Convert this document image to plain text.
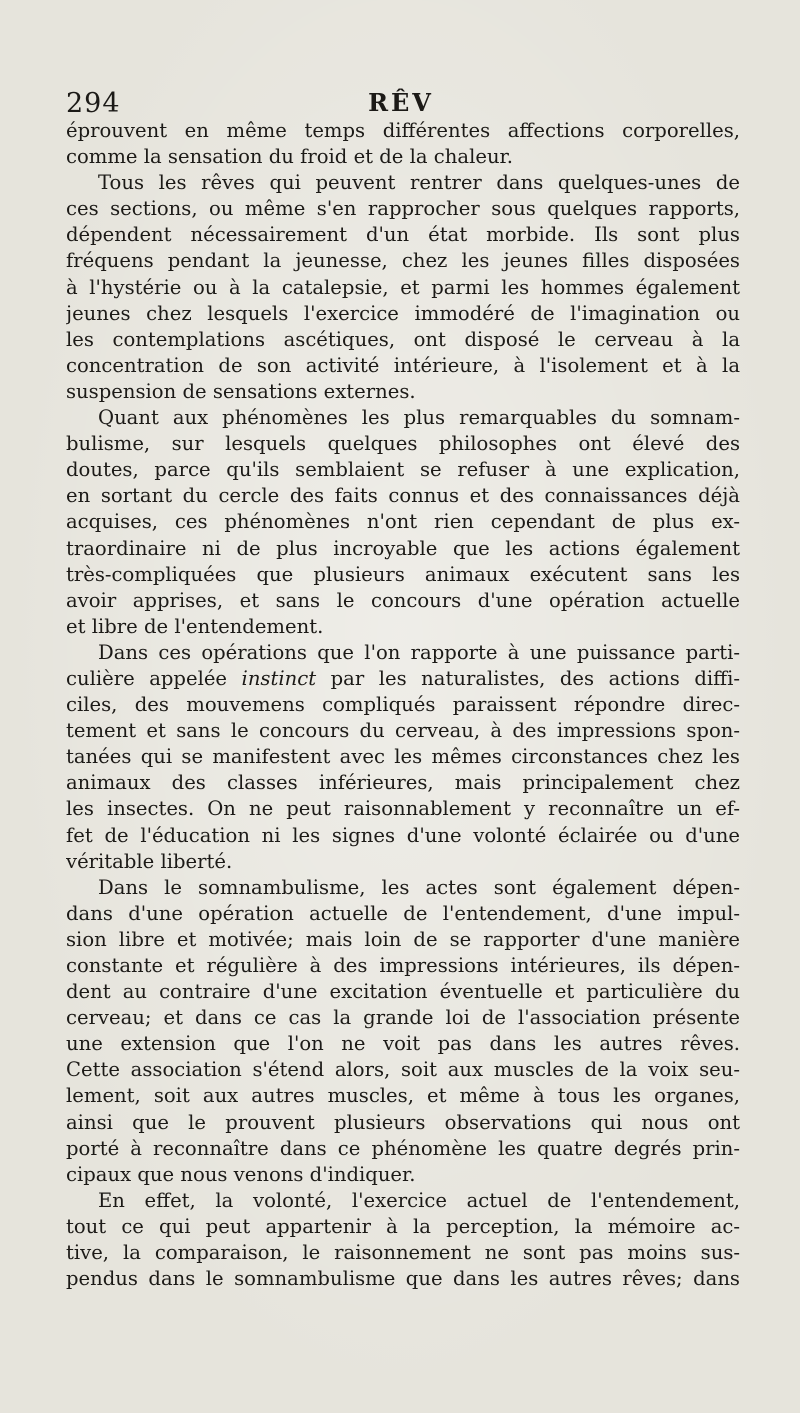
294	RÊV
éprouvent en même temps différentes affections corporelles,
comme la sensation du froid et de la chaleur.
Tous les rêves qui peuvent rentrer dans quelques-unes de
ces sections, ou même s'en rapprocher sous quelques rapports,
dépendent nécessairement d'un état morbide. Ils sont plus
fréquens pendant la jeunesse, chez les jeunes filles disposées
à l'hystérie ou à la catalepsie, et parmi les hommes également
jeunes chez lesquels l'exercice immodéré de l'imagination ou
les contemplations ascétiques, ont disposé le cerveau à la
concentration de son activité intérieure, à l'isolement et à la
suspension de sensations externes.
Quant aux phénomènes les plus remarquables du somnam-
bulisme, sur lesquels quelques philosophes ont élevé des
doutes, parce qu'ils semblaient se refuser à une explication,
en sortant du cercle des faits connus et des connaissances déjà
acquises, ces phénomènes n'ont rien cependant de plus ex-
traordinaire ni de plus incroyable que les actions également
très-compliquées que plusieurs animaux exécutent sans les
avoir apprises, et sans le concours d'une opération actuelle
et libre de l'entendement.
Dans ces opérations que l'on rapporte à une puissance parti-
culière appelée instinct par les naturalistes, des actions diffi-
ciles, des mouvemens compliqués paraissent répondre direc-
tement et sans le concours du cerveau, à des impressions spon-
tanées qui se manifestent avec les mêmes circonstances chez les
animaux des classes inférieures, mais principalement chez
les insectes. On ne peut raisonnablement y reconnaître un ef-
fet de l'éducation ni les signes d'une volonté éclairée ou d'une
véritable liberté.
Dans le somnambulisme, les actes sont également dépen-
dans d'une opération actuelle de l'entendement, d'une impul-
sion libre et motivée; mais loin de se rapporter d'une manière
constante et régulière à des impressions intérieures, ils dépen-
dent au contraire d'une excitation éventuelle et particulière du
cerveau; et dans ce cas la grande loi de l'association présente
une extension que l'on ne voit pas dans les autres rêves.
Cette association s'étend alors, soit aux muscles de la voix seu-
lement, soit aux autres muscles, et même à tous les organes,
ainsi que le prouvent plusieurs observations qui nous ont
porté à reconnaître dans ce phénomène les quatre degrés prin-
cipaux que nous venons d'indiquer.
En effet, la volonté, l'exercice actuel de l'entendement,
tout ce qui peut appartenir à la perception, la mémoire ac-
tive, la comparaison, le raisonnement ne sont pas moins sus-
pendus dans le somnambulisme que dans les autres rêves; dans
